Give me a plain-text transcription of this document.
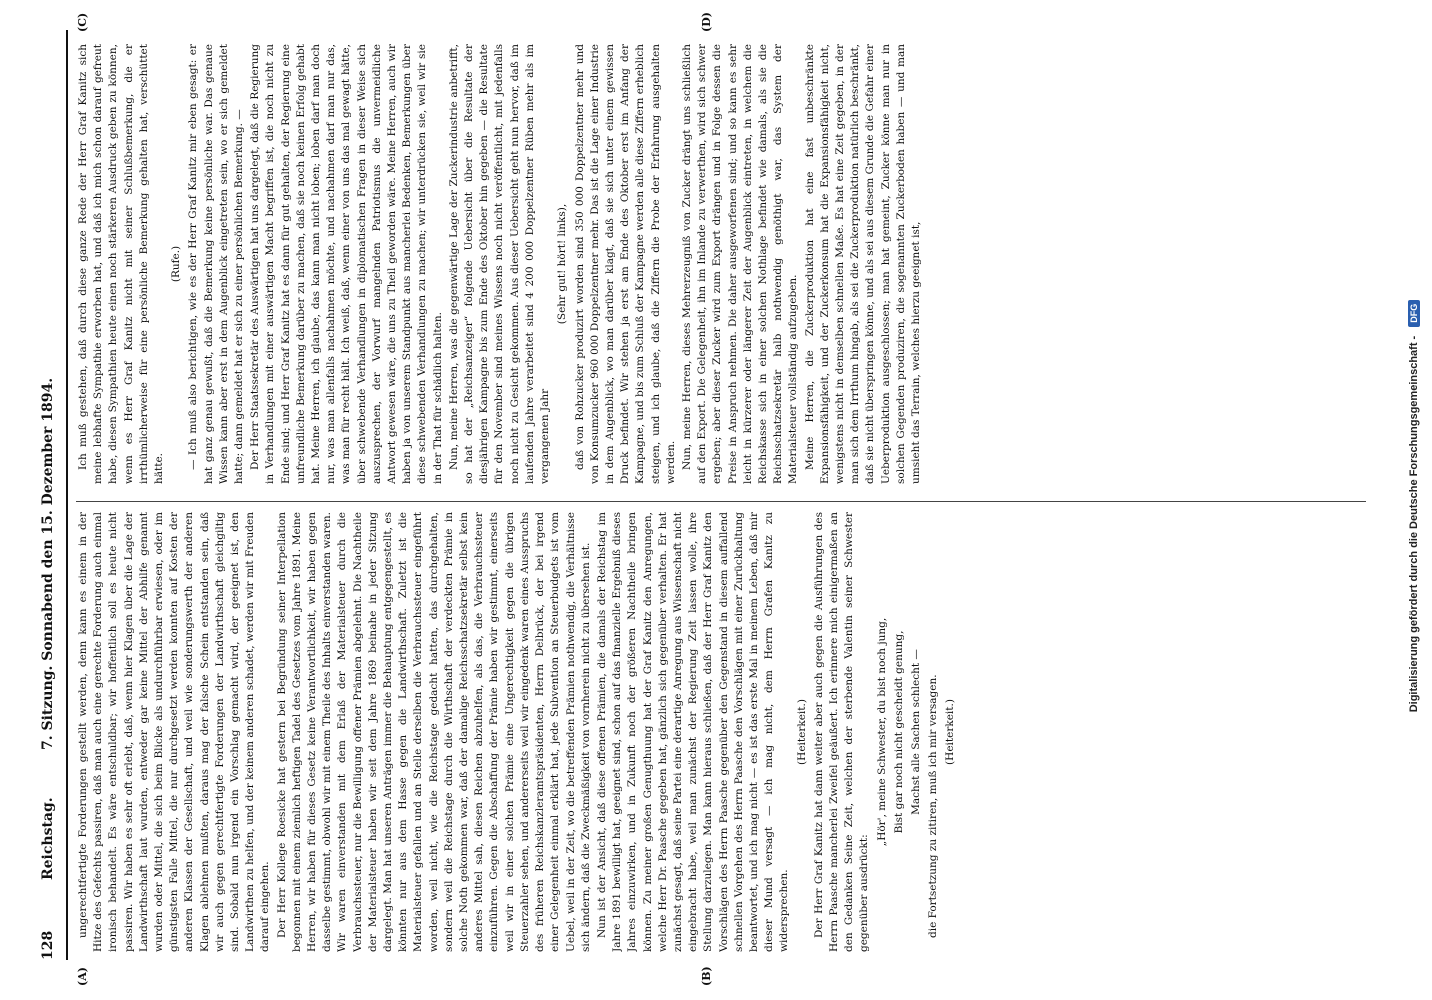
128
Reichstag.
7. Sitzung. Sonnabend den 15. Dezember 1894.
(A)	(B)
(C)	(D)

ungerechtfertigte Forderungen gestellt werden, denn kann es einem in der Hitze des Gefechts passiren, daß man auch eine gerechte Forderung auch einmal ironisch behandelt. Es wäre entschuldbar; wir hoffentlich soll es heute nicht passiren. Wir haben es sehr oft erlebt, daß, wenn hier Klagen über die Lage der Landwirthschaft laut wurden, entweder gar keine Mittel der Abhilfe genannt wurden oder Mittel, die sich beim Blicke als undurchführbar erwiesen, oder im günstigsten Falle Mittel, die nur durchgesetzt werden konnten auf Kosten der anderen Klassen der Gesellschaft, und weil wie sonderungswerth der anderen Klagen ablehnen mußten, daraus mag der falsche Schein entstanden sein, daß wir auch gegen gerechtfertigte Forderungen der Landwirthschaft gleichgiltig sind. Sobald nun irgend ein Vorschlag gemacht wird, der geeignet ist, den Landwirthen zu helfen, und der keinem anderen schadet, werden wir mit Freuden darauf eingehen. Der Herr Kollege Roesicke hat gestern bei Begründung seiner Interpellation begonnen mit einem ziemlich heftigen Tadel des Gesetzes vom Jahre 1891. Meine Herren, wir haben für dieses Gesetz keine Verantwortlichkeit, wir haben gegen dasselbe gestimmt, obwohl wir mit einem Theile des Inhalts einverstanden waren. Wir waren einverstanden mit dem Erlaß der Materialsteuer durch die Verbrauchssteuer, nur die Bewilligung offener Prämien abgelehnt. Die Nachtheile der Materialsteuer haben wir seit dem Jahre 1869 beinahe in jeder Sitzung dargelegt. Man hat unseren Anträgen immer die Behauptung entgegengestellt, es könnten nur aus dem Hasse gegen die Landwirthschaft. Zuletzt ist die Materialsteuer gefallen und an Stelle derselben die Verbrauchssteuer eingeführt worden, weil nicht, wie die Reichstage gedacht hatten, das durchgehalten, sondern weil die Reichstage durch die Wirthschaft der verdeckten Prämie in solche Noth gekommen war, daß der damalige Reichsschatzsekretär selbst kein anderes Mittel sah, diesen Reichen abzuhelfen, als das, die Verbrauchssteuer einzuführen. Gegen die Abschaffung der Prämie haben wir gestimmt, einerseits weil wir in einer solchen Prämie eine Ungerechtigkeit gegen die übrigen Steuerzahler sehen, und andererseits weil wir eingedenk waren eines Ausspruchs des früheren Reichskanzleramtspräsidenten, Herrn Delbrück, der bei irgend einer Gelegenheit einmal erklärt hat, jede Subvention an Steuerbudgets ist vom Uebel, weil in der Zeit, wo die betreffenden Prämien nothwendig, die Verhältnisse sich ändern, daß die Zweckmäßigkeit von vornherein nicht zu übersehen ist. Nun ist der Ansicht, daß diese offenen Prämien, die damals der Reichstag im Jahre 1891 bewilligt hat, geeignet sind, schon auf das finanzielle Ergebniß dieses Jahres einzuwirken, und in Zukunft noch der größeren Nachtheile bringen können. Zu meiner großen Genugthuung hat der Graf Kanitz den Anregungen, welche Herr Dr. Paasche gegeben hat, gänzlich sich gegenüber verhalten. Er hat zunächst gesagt, daß seine Partei eine derartige Anregung aus Wissenschaft nicht eingebracht habe, weil man zunächst der Regierung Zeit lassen wolle, ihre Stellung darzulegen. Man kann hieraus schließen, daß der Herr Graf Kanitz den Vorschlägen des Herrn Paasche gegenüber den Gegenstand in diesem auffallend schnellen Vorgehen des Herrn Paasche den Vorschlägen mit einer Zurückhaltung beantwortet, und ich mag nicht — es ist das erste Mal in meinem Leben, daß mir dieser Mund versagt — ich mag nicht, dem Herrn Grafen Kanitz zu widersprechen.

(Heiterkeit.) Der Herr Graf Kanitz hat dann weiter aber auch gegen die Ausführungen des Herrn Paasche mancherlei Zweifel geäußert. Ich erinnere mich einigermaßen an den Gedanken Seine Zeit, welchen der sterbende Valentin seiner Schwester gegenüber ausdrückt:

„Hör', meine Schwester, du bist noch jung, Bist gar noch nicht gescheidt genung, Machst alle Sachen schlecht — die Fortsetzung zu zitiren, muß ich mir versagen. (Heiterkeit.)

Ich muß gestehen, daß durch diese ganze Rede der Herr Graf Kanitz sich meine lebhafte Sympathie erworben hat, und daß ich mich schon darauf gefreut habe, diesen Sympathien heute einen noch stärkeren Ausdruck geben zu können, wenn es Herr Graf Kanitz nicht mit seiner Schlußbemerkung, die er irrthümlicherweise für eine persönliche Bemerkung gehalten hat, verschüttet hätte.

(Rufe.) — Ich muß also berichtigen, wie es der Herr Graf Kanitz mir eben gesagt: er hat ganz genau gewußt, daß die Bemerkung keine persönliche war. Das genaue Wissen kann aber erst in dem Augenblick eingetreten sein, wo er sich gemeldet hatte; dann gemeldet hat er sich zu einer persönlichen Bemerkung. — Der Herr Staatssekretär des Auswärtigen hat uns dargelegt, daß die Regierung in Verhandlungen mit einer auswärtigen Macht begriffen ist, die noch nicht zu Ende sind; und Herr Graf Kanitz hat es dann für gut gehalten, der Regierung eine unfreundliche Bemerkung darüber zu machen, daß sie noch keinen Erfolg gehabt hat. Meine Herren, ich glaube, das kann man nicht loben; loben darf man doch nur, was man allenfalls nachahmen möchte, und nachahmen darf man nur das, was man für recht hält. Ich weiß, daß, wenn einer von uns das mal gewagt hätte, über schwebende Verhandlungen in diplomatischen Fragen in dieser Weise sich auszusprechen, der Vorwurf mangelnden Patriotismus die unvermeidliche Antwort gewesen wäre, die uns zu Theil geworden wäre. Meine Herren, auch wir haben ja von unserem Standpunkt aus mancherlei Bedenken, Bemerkungen über diese schwebenden Verhandlungen zu machen; wir unterdrücken sie, weil wir sie in der That für schädlich halten. Nun, meine Herren, was die gegenwärtige Lage der Zuckerindustrie anbetrifft, so hat der „Reichsanzeiger“ folgende Uebersicht über die Resultate der diesjährigen Kampagne bis zum Ende des Oktober hin gegeben — die Resultate für den November sind meines Wissens noch nicht veröffentlicht, mit jedenfalls noch nicht zu Gesicht gekommen. Aus dieser Uebersicht geht nun hervor, daß im laufenden Jahre verarbeitet sind 4 200 000 Doppelzentner Rüben mehr als im vergangenen Jahr

(Sehr gut! hört! links), daß von Rohzucker produzirt worden sind 350 000 Doppelzentner mehr und von Konsumzucker 960 000 Doppelzentner mehr. Das ist die Lage einer Industrie in dem Augenblick, wo man darüber klagt, daß sie sich unter einem gewissen Druck befindet. Wir stehen ja erst am Ende des Oktober erst im Anfang der Kampagne, und bis zum Schluß der Kampagne werden alle diese Ziffern erheblich steigen, und ich glaube, daß die Ziffern die Probe der Erfahrung ausgehalten werden. Nun, meine Herren, dieses Mehrerzeugniß von Zucker drängt uns schließlich auf den Export. Die Gelegenheit, ihn im Inlande zu verwerthen, wird sich schwer ergeben; aber dieser Zucker wird zum Export drängen und in Folge dessen die Preise in Anspruch nehmen. Die daher ausgeworfenen sind; und so kann es sehr leicht in kürzerer oder längerer Zeit der Augenblick eintreten, in welchem die Reichskasse sich in einer solchen Nothlage befindet wie damals, als sie die Reichsschatzsekretär halb nothwendig genöthigt war, das System der Materialsteuer vollständig aufzugeben. Meine Herren, die Zuckerproduktion hat eine fast unbeschränkte Expansionsfähigkeit, und der Zuckerkonsum hat die Expansionsfähigkeit nicht, wenigstens nicht in demselben schnellen Maße. Es hat eine Zeit gegeben, in der man sich dem Irrthum hingab, als sei die Zuckerproduktion natürlich beschränkt, daß sie nicht überspringen könne, und als sei aus diesem Grunde die Gefahr einer Ueberproduktion ausgeschlossen; man hat gemeint, Zucker könne man nur in solchen Gegenden produziren, die sogenannten Zuckerboden haben — und man umsieht das Terrain, welches hierzu geeignet ist,	Digitalisierung gefördert durch die Deutsche Forschungsgemeinschaft - DFG
